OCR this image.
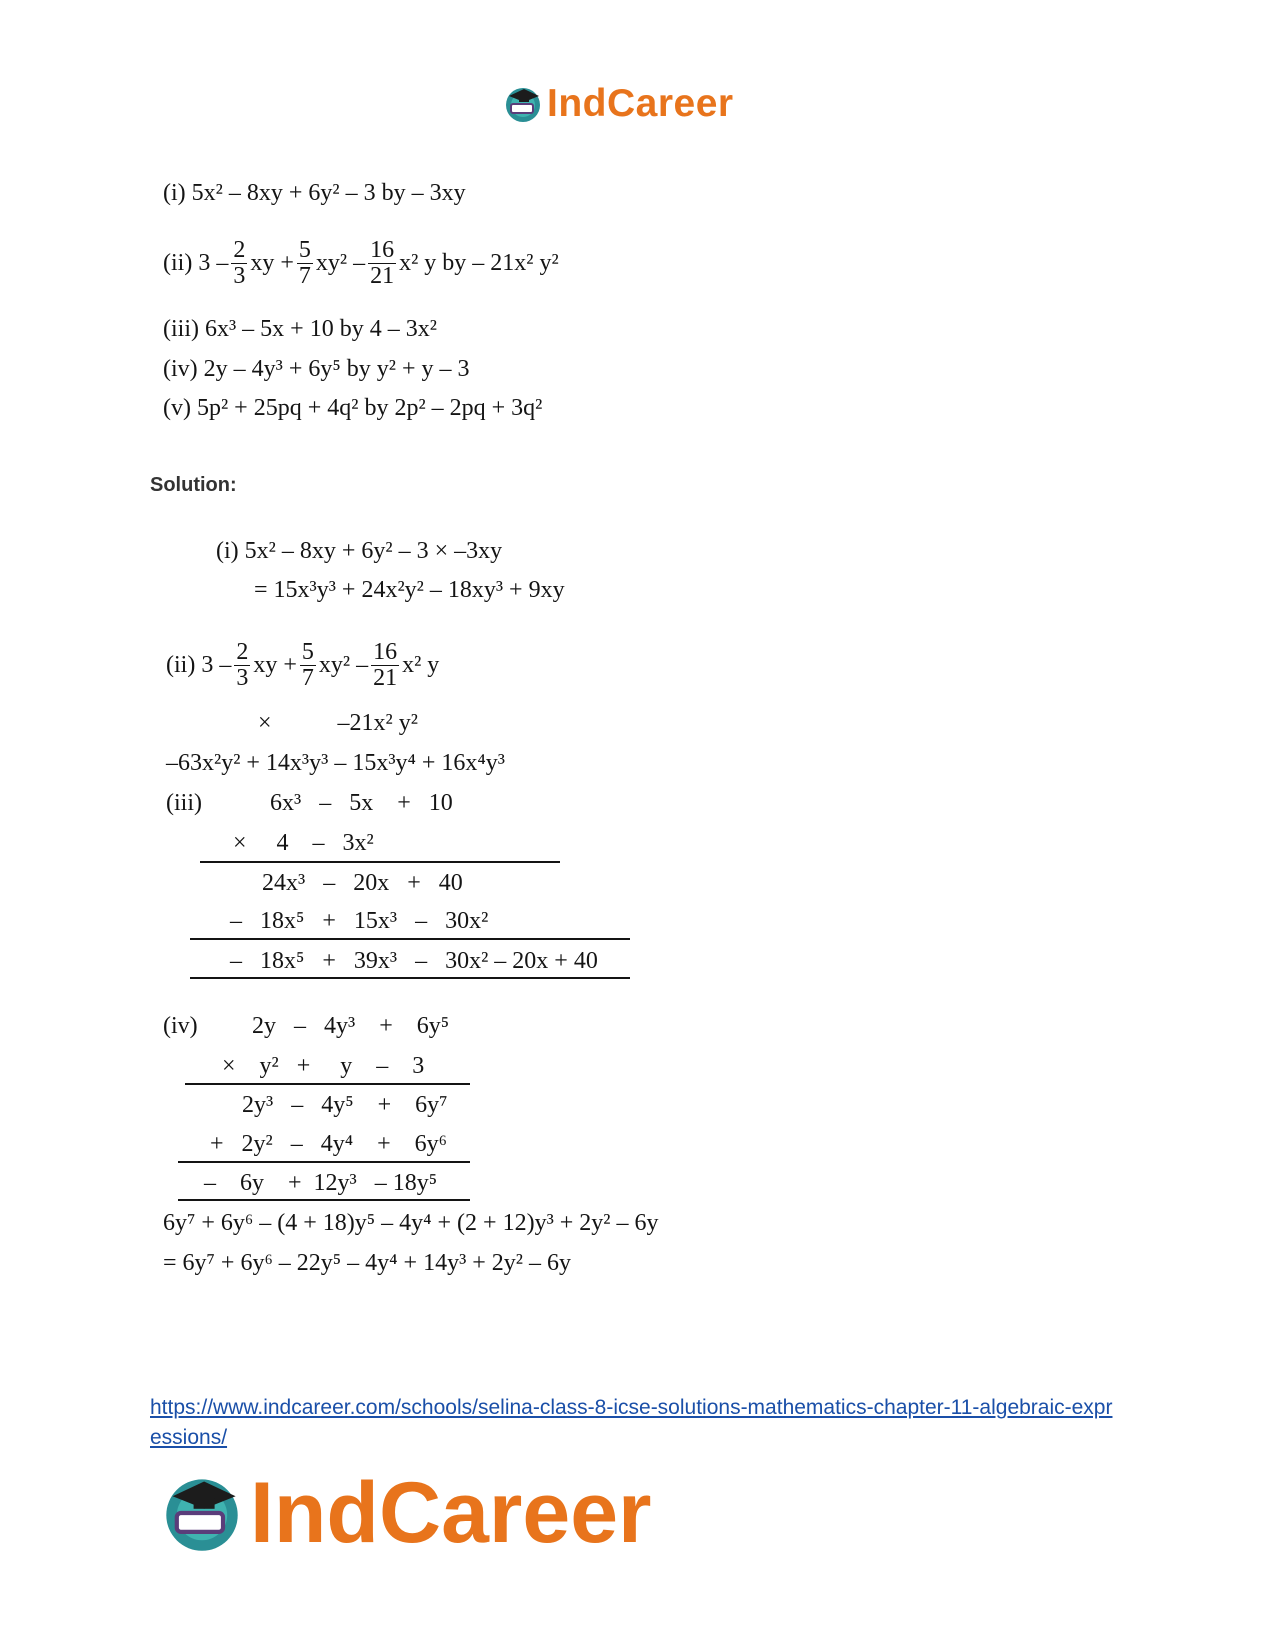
IndCareer
(i) 5x² – 8xy + 6y² – 3 by – 3xy
(ii) $3 - \frac{2}{3}$ xy + $\frac{5}{7} xy^2 - \frac{16}{21} x^2$ y by – 21x² y²
(iii) 6x³ – 5x + 10 by 4 – 3x²
(iv) 2y – 4y³ + 6y⁵ by y² + y – 3
(v) 5p² + 25pq + 4q² by 2p² – 2pq + 3q²
Solution:
(i) 5x² – 8xy + 6y² – 3 × –3xy
= 15x³y³ + 24x²y² – 18xy³ + 9xy
(ii) $3 - \frac{2}{3}$ xy + $\frac{5}{7} xy^2 - \frac{16}{21} x^2$ y
×           –21x² y²
–63x²y² + 14x³y³ – 15x³y⁴ + 16x⁴y³
(iii)	6x³   –   5x    +   10
×     4    –   3x²
24x³   –   20x   +   40
–   18x⁵   +   15x³   –   30x²
–   18x⁵   +   39x³   –   30x² – 20x + 40
(iv) 2y   –   4y³    +    6y⁵
×    y²   +     y    –    3
2y³   –   4y⁵    +    6y⁷
+   2y²   –   4y⁴    +    6y⁶
–    6y    +  12y³   – 18y⁵
6y⁷ + 6y⁶ – (4 + 18)y⁵ – 4y⁴ + (2 + 12)y³ + 2y² – 6y
= 6y⁷ + 6y⁶ – 22y⁵ – 4y⁴ + 14y³ + 2y² – 6y
https://www.indcareer.com/schools/selina-class-8-icse-solutions-mathematics-chapter-11-algebraic-expressions/
IndCareer
